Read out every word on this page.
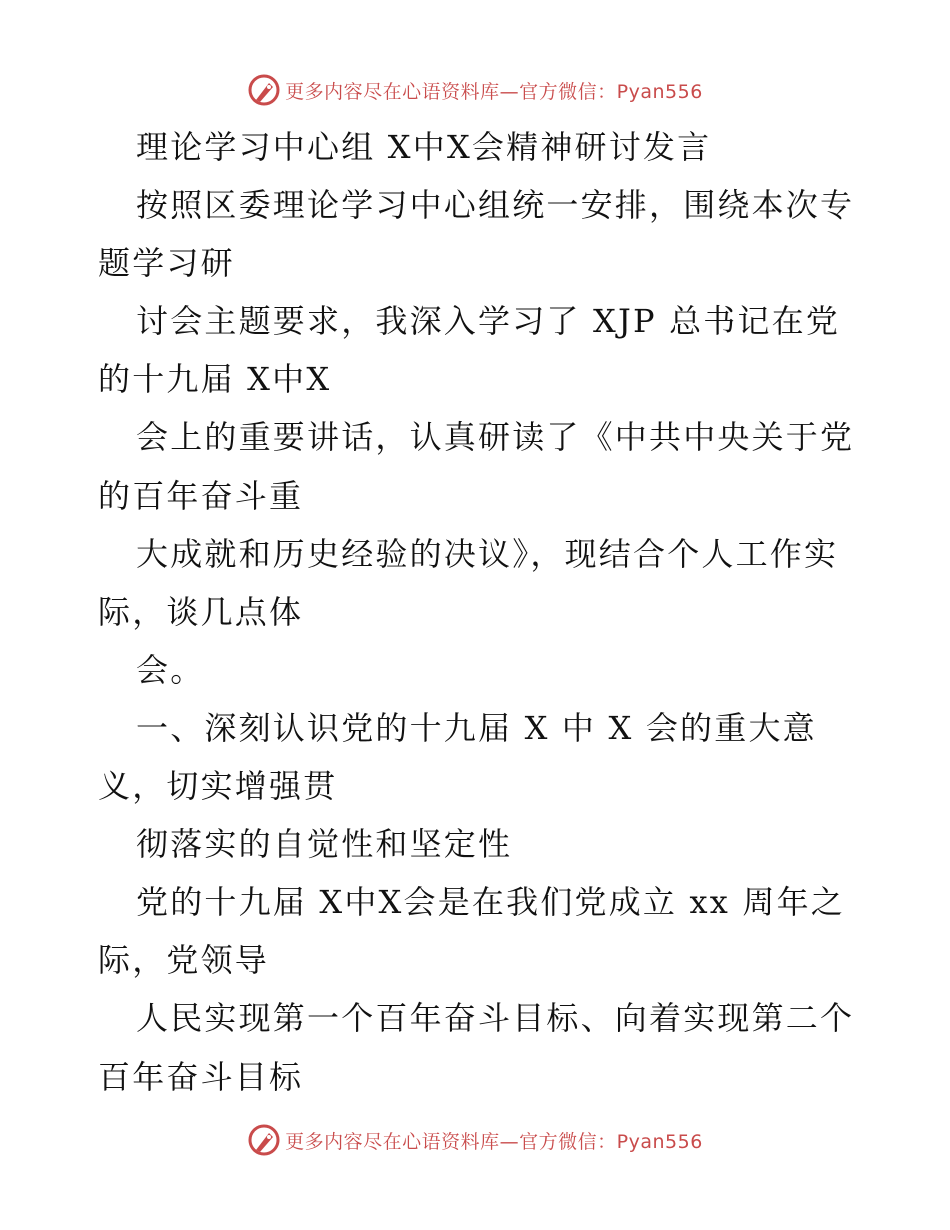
更多内容尽在心语资料库—官方微信：Pyan556
理论学习中心组 X中X会精神研讨发言
按照区委理论学习中心组统一安排，围绕本次专
题学习研
讨会主题要求，我深入学习了 XJP 总书记在党
的十九届 X中X
会上的重要讲话，认真研读了《中共中央关于党
的百年奋斗重
大成就和历史经验的决议》，现结合个人工作实
际，谈几点体
会。
一、深刻认识党的十九届 X 中 X 会的重大意
义，切实增强贯
彻落实的自觉性和坚定性
党的十九届 X中X会是在我们党成立 xx 周年之
际，党领导
人民实现第一个百年奋斗目标、向着实现第二个
百年奋斗目标
更多内容尽在心语资料库—官方微信：Pyan556
